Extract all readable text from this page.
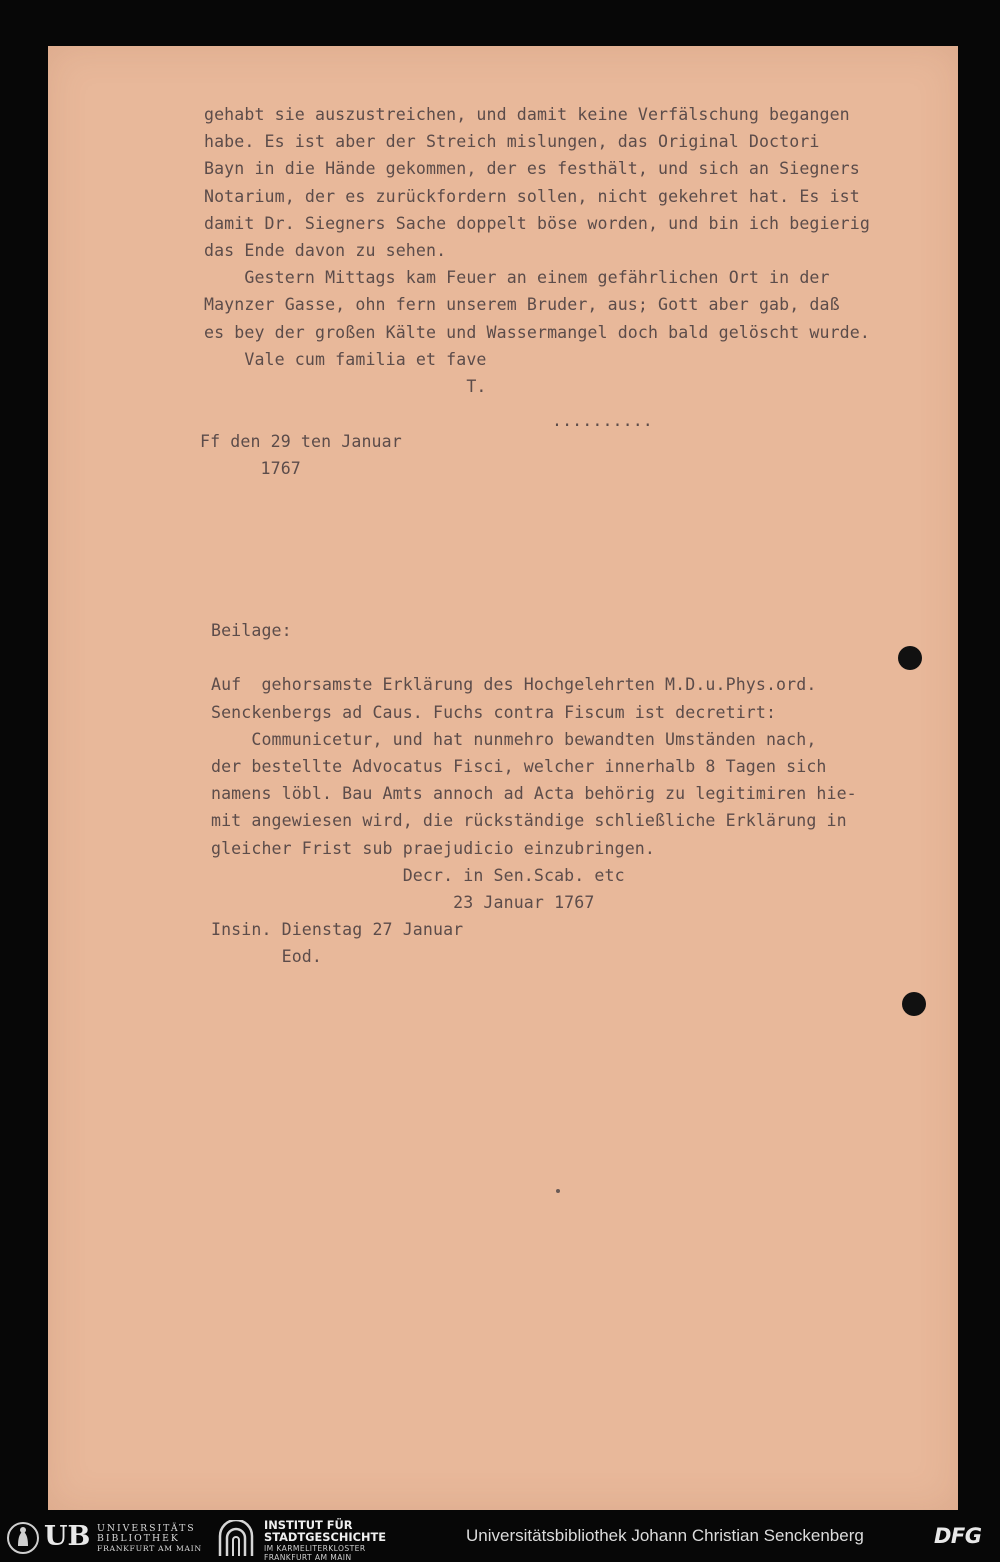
gehabt sie auszustreichen, und damit keine Verfälschung begangen
habe. Es ist aber der Streich mislungen, das Original Doctori
Bayn in die Hände gekommen, der es festhält, und sich an Siegners
Notarium, der es zurückfordern sollen, nicht gekehret hat. Es ist
damit Dr. Siegners Sache doppelt böse worden, und bin ich begierig
das Ende davon zu sehen.
Gestern Mittags kam Feuer an einem gefährlichen Ort in der
Maynzer Gasse, ohn fern unserem Bruder, aus; Gott aber gab, daß
es bey der großen Kälte und Wassermangel doch bald gelöscht wurde.
Vale cum familia et fave
T.
..........
Ff den 29 ten Januar
1767
Beilage:

Auf  gehorsamste Erklärung des Hochgelehrten M.D.u.Phys.ord.
Senckenbergs ad Caus. Fuchs contra Fiscum ist decretirt:
Communicetur, und hat nunmehro bewandten Umständen nach,
der bestellte Advocatus Fisci, welcher innerhalb 8 Tagen sich
namens löbl. Bau Amts annoch ad Acta behörig zu legitimiren hie-
mit angewiesen wird, die rückständige schließliche Erklärung in
gleicher Frist sub praejudicio einzubringen.
Decr. in Sen.Scab. etc
23 Januar 1767
Insin. Dienstag 27 Januar
Eod.
UB UNIVERSITÄTS
BIBLIOTHEK
FRANKFURT AM MAIN
INSTITUT FÜR
STADTGESCHICHTE
IM KARMELITERKLOSTER
FRANKFURT AM MAIN
Universitätsbibliothek Johann Christian Senckenberg	DFG
